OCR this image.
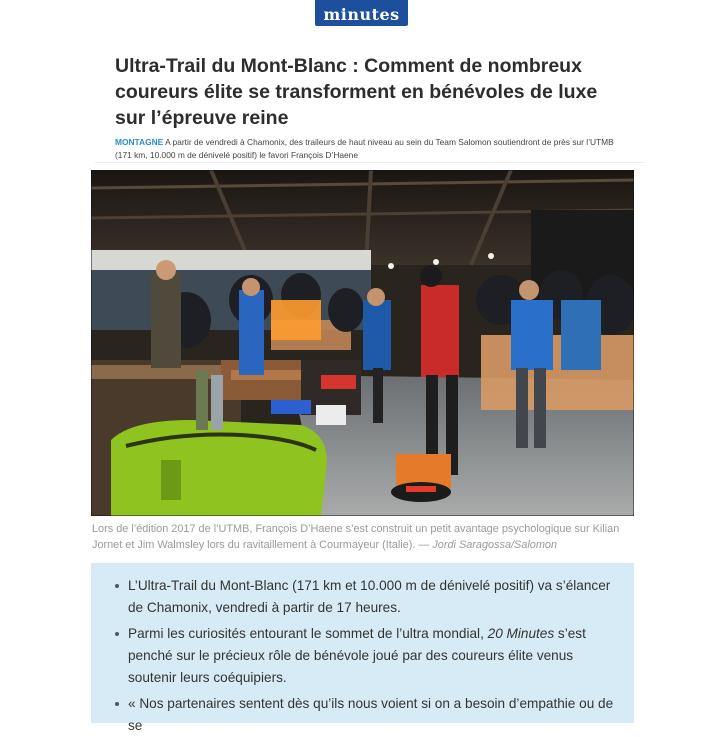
minutes
Ultra-Trail du Mont-Blanc : Comment de nombreux coureurs élite se transforment en bénévoles de luxe sur l’épreuve reine
MONTAGNE A partir de vendredi à Chamonix, des traileurs de haut niveau au sein du Team Salomon soutiendront de près sur l’UTMB (171 km, 10.000 m de dénivelé positif) le favori François D’Haene
Lors de l’édition 2017 de l’UTMB, François D’Haene s’est construit un petit avantage psychologique sur Kilian Jornet et Jim Walmsley lors du ravitaillement à Courmayeur (Italie). — Jordi Saragossa/Salomon
L’Ultra-Trail du Mont-Blanc (171 km et 10.000 m de dénivelé positif) va s’élancer de Chamonix, vendredi à partir de 17 heures.
Parmi les curiosités entourant le sommet de l’ultra mondial, 20 Minutes s’est penché sur le précieux rôle de bénévole joué par des coureurs élite venus soutenir leurs coéquipiers.
« Nos partenaires sentent dès qu’ils nous voient si on a besoin d’empathie ou de se
